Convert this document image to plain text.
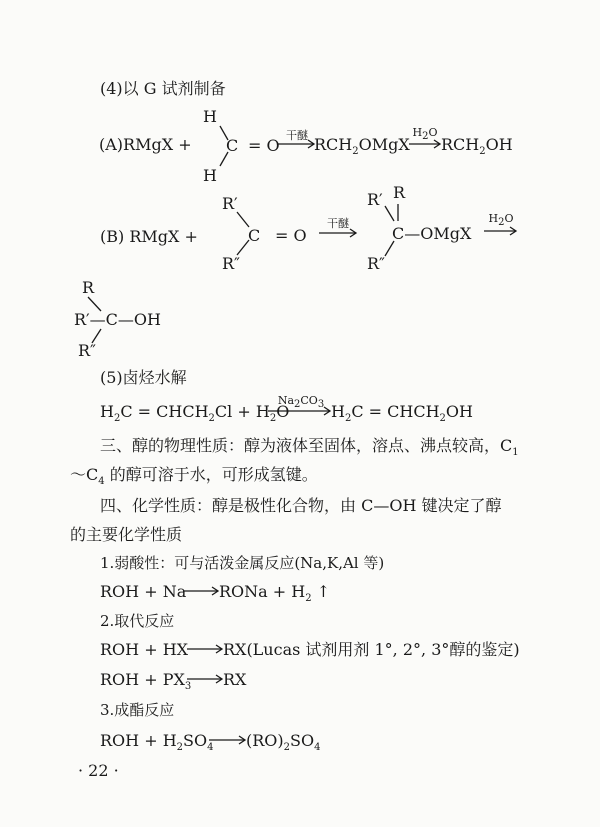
(4)以 G 试剂制备
(A)RMgX +
H
C = O
H
干醚 $RCH_2OMgX$
$H_2O$
$RCH_2OH$
(B) RMgX +
R′
C = O
R″
干醚
R′ R
C—OMgX
R″
$H_2O$
R
R′—C—OH
R″
(5)卤烃水解
$Na_2CO_3$
$H_2C$ = $CHCH_2Cl + H_2O$	$H_2C$ = $CHCH_2OH$
三、醇的物理性质：醇为液体至固体，溶点、沸点较高，$C_1$
$\sim C_4$ 的醇可溶于水，可形成氢键。
四、化学性质：醇是极性化合物，由 C—OH 键决定了醇
的主要化学性质
1.弱酸性：可与活泼金属反应(Na,K,Al 等)
ROH + Na RONa + $H_2$ ↑
2.取代反应
ROH + HX RX(Lucas 试剂用剂 1°, 2°, 3°醇的鉴定)
ROH + $PX_3$ RX
3.成酯反应
ROH + $H_2SO_4$ $(RO)_2SO_4$
· 22 ·
